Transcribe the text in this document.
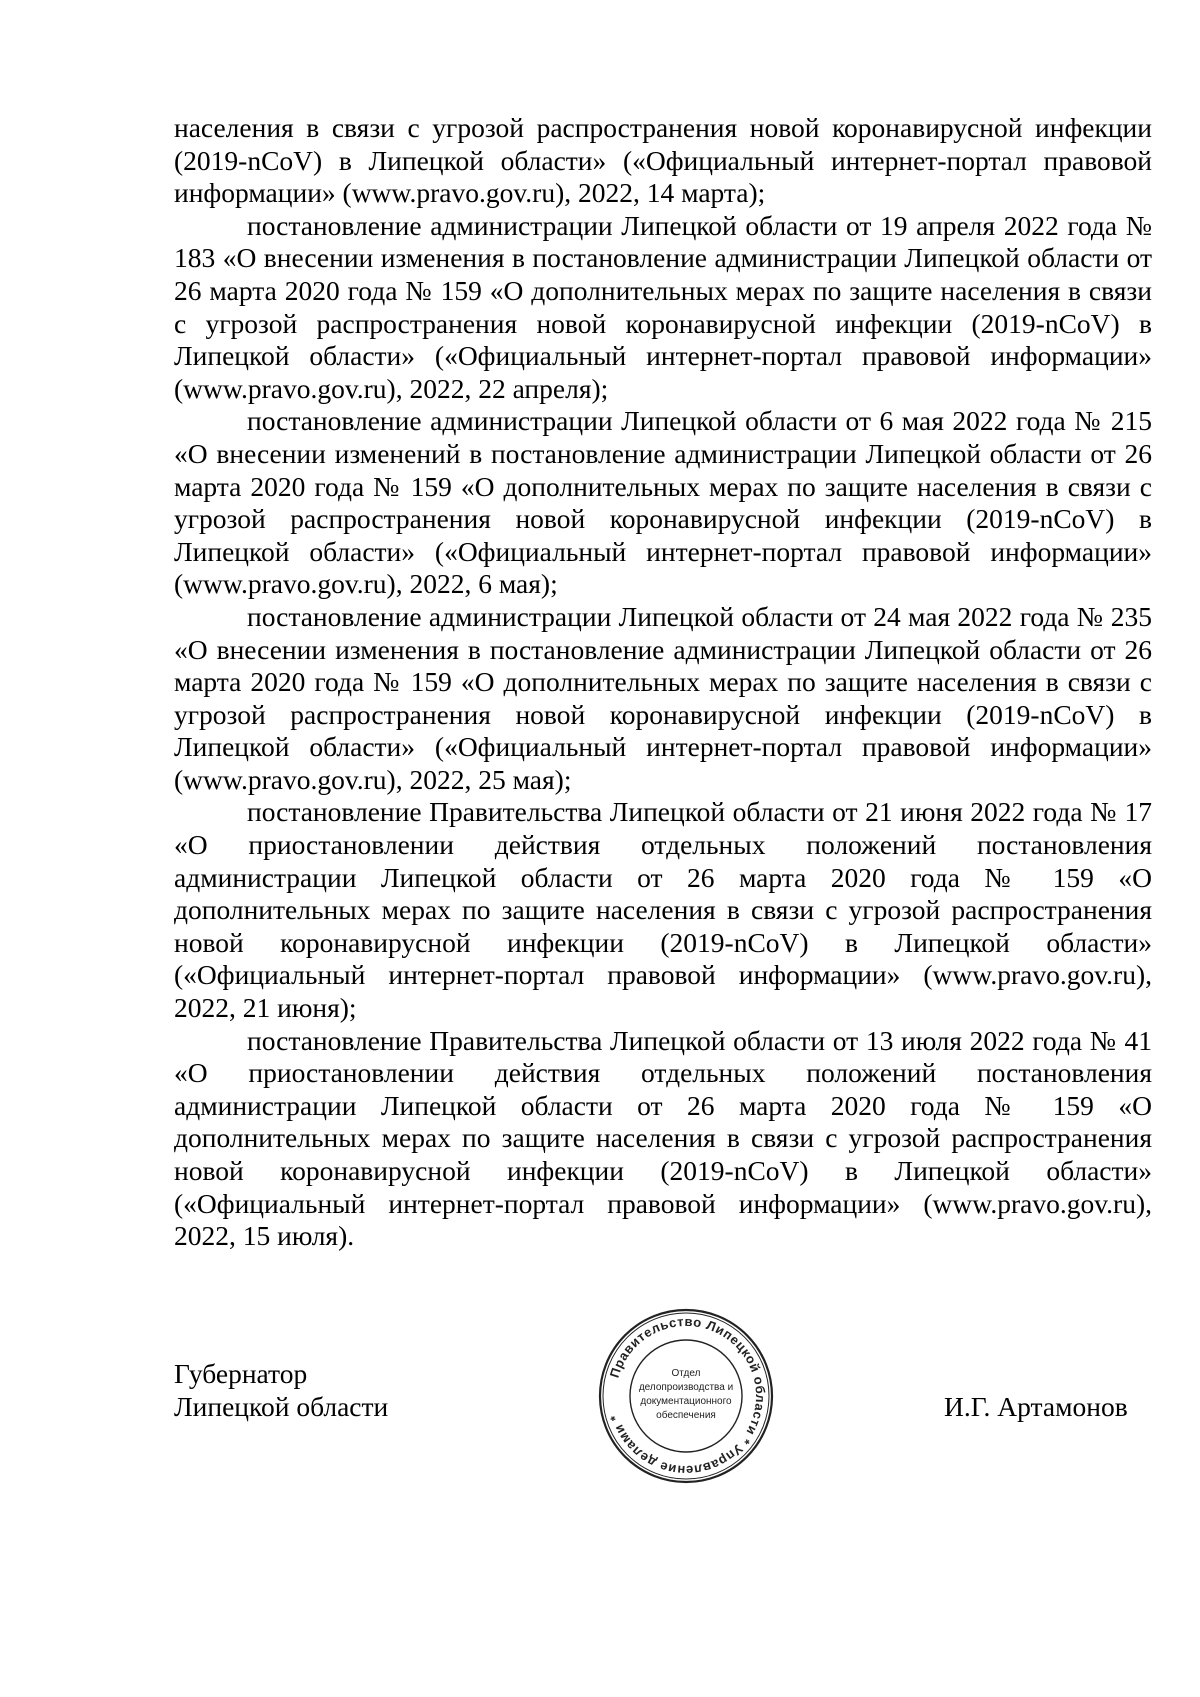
населения в связи с угрозой распространения новой коронавирусной инфекции (2019-nCoV) в Липецкой области» («Официальный интернет-портал правовой информации» (www.pravo.gov.ru), 2022, 14 марта);

постановление администрации Липецкой области от 19 апреля 2022 года № 183 «О внесении изменения в постановление администрации Липецкой области от 26 марта 2020 года № 159 «О дополнительных мерах по защите населения в связи с угрозой распространения новой коронавирусной инфекции (2019-nCoV) в Липецкой области» («Официальный интернет-портал правовой информации» (www.pravo.gov.ru), 2022, 22 апреля);

постановление администрации Липецкой области от 6 мая 2022 года № 215 «О внесении изменений в постановление администрации Липецкой области от 26 марта 2020 года № 159 «О дополнительных мерах по защите населения в связи с угрозой распространения новой коронавирусной инфекции (2019-nCoV) в Липецкой области» («Официальный интернет-портал правовой информации» (www.pravo.gov.ru), 2022, 6 мая);

постановление администрации Липецкой области от 24 мая 2022 года № 235 «О внесении изменения в постановление администрации Липецкой области от 26 марта 2020 года № 159 «О дополнительных мерах по защите населения в связи с угрозой распространения новой коронавирусной инфекции (2019-nCoV) в Липецкой области» («Официальный интернет-портал правовой информации» (www.pravo.gov.ru), 2022, 25 мая);

постановление Правительства Липецкой области от 21 июня 2022 года № 17 «О приостановлении действия отдельных положений постановления администрации Липецкой области от 26 марта 2020 года № 159 «О дополнительных мерах по защите населения в связи с угрозой распространения новой коронавирусной инфекции (2019-nCoV) в Липецкой области» («Официальный интернет-портал правовой информации» (www.pravo.gov.ru), 2022, 21 июня);

постановление Правительства Липецкой области от 13 июля 2022 года № 41 «О приостановлении действия отдельных положений постановления администрации Липецкой области от 26 марта 2020 года № 159 «О дополнительных мерах по защите населения в связи с угрозой распространения новой коронавирусной инфекции (2019-nCoV) в Липецкой области» («Официальный интернет-портал правовой информации» (www.pravo.gov.ru), 2022, 15 июля).

Губернатор
Липецкой области	И.Г. Артамонов
Правительство Липецкой области * Управление делами *
Отдел
делопроизводства и
документационного
обеспечения
